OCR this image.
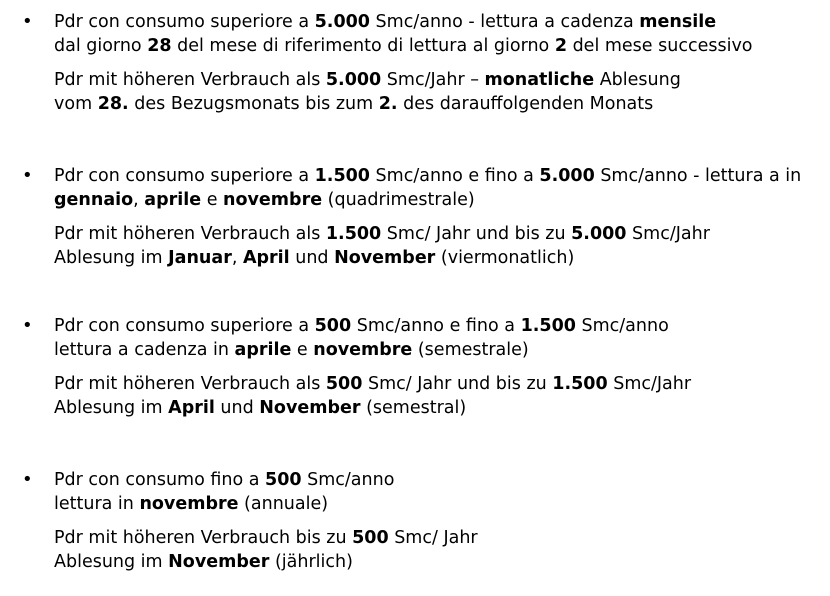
•	Pdr con consumo superiore a 5.000 Smc/anno - lettura a cadenza mensile
dal giorno 28 del mese di riferimento di lettura al giorno 2 del mese successivo
Pdr mit höheren Verbrauch als 5.000 Smc/Jahr – monatliche Ablesung
vom 28. des Bezugsmonats bis zum 2. des darauffolgenden Monats
•	Pdr con consumo superiore a 1.500 Smc/anno e fino a 5.000 Smc/anno - lettura a in
gennaio, aprile e novembre (quadrimestrale)
Pdr mit höheren Verbrauch als 1.500 Smc/ Jahr und bis zu 5.000 Smc/Jahr
Ablesung im Januar, April und November (viermonatlich)
•	Pdr con consumo superiore a 500 Smc/anno e fino a 1.500 Smc/anno
lettura a cadenza in aprile e novembre (semestrale)
Pdr mit höheren Verbrauch als 500 Smc/ Jahr und bis zu 1.500 Smc/Jahr
Ablesung im April und November (semestral)
•	Pdr con consumo fino a 500 Smc/anno
lettura in novembre (annuale)
Pdr mit höheren Verbrauch bis zu 500 Smc/ Jahr
Ablesung im November (jährlich)
